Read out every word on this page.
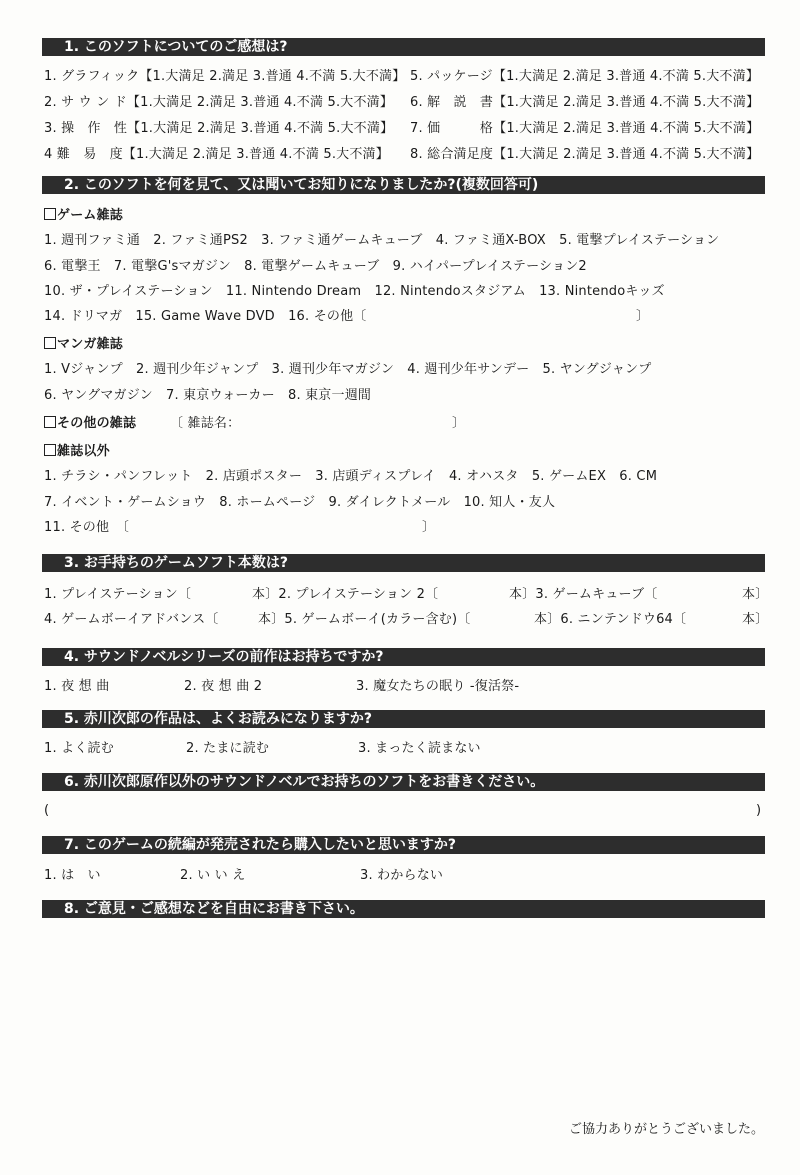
1. このソフトについてのご感想は?
1. グラフィック【1.大満足 2.満足 3.普通 4.不満 5.大不満】 5. パッケージ【1.大満足 2.満足 3.普通 4.不満 5.大不満】
2. サ ウ ン ド【1.大満足 2.満足 3.普通 4.不満 5.大不満】 6. 解　説　書【1.大満足 2.満足 3.普通 4.不満 5.大不満】
3. 操　作　性【1.大満足 2.満足 3.普通 4.不満 5.大不満】 7. 価　　　格【1.大満足 2.満足 3.普通 4.不満 5.大不満】
4 難　易　度【1.大満足 2.満足 3.普通 4.不満 5.大不満】 8. 総合満足度【1.大満足 2.満足 3.普通 4.不満 5.大不満】
2. このソフトを何を見て、又は聞いてお知りになりましたか?(複数回答可)
ゲーム雑誌
1. 週刊ファミ通　2. ファミ通PS2　3. ファミ通ゲームキューブ　4. ファミ通X-BOX　5. 電撃プレイステーション
6. 電撃王　7. 電撃G'sマガジン　8. 電撃ゲームキューブ　9. ハイパープレイステーション2
10. ザ・プレイステーション　11. Nintendo Dream　12. Nintendoスタジアム　13. Nintendoキッズ
14. ドリマガ　15. Game Wave DVD　16. その他〔	〕
マンガ雑誌
1. Vジャンプ　2. 週刊少年ジャンプ　3. 週刊少年マガジン　4. 週刊少年サンデー　5. ヤングジャンプ
6. ヤングマガジン　7. 東京ウォーカー　8. 東京一週間
その他の雑誌	〔 雑誌名：	〕
雑誌以外
1. チラシ・パンフレット　2. 店頭ポスター　3. 店頭ディスプレイ　4. オハスタ　5. ゲームEX　6. CM
7. イベント・ゲームショウ　8. ホームページ　9. ダイレクトメール　10. 知人・友人
11. その他　〔	〕
3. お手持ちのゲームソフト本数は?
1. プレイステーション〔	本〕2. プレイステーション 2〔	本〕3. ゲームキューブ〔	本〕
4. ゲームボーイアドバンス〔	本〕5. ゲームボーイ(カラー含む)〔	本〕6. ニンテンドウ64〔	本〕
4. サウンドノベルシリーズの前作はお持ちですか?
1. 夜 想 曲	2. 夜 想 曲 2	3. 魔女たちの眠り -復活祭-
5. 赤川次郎の作品は、よくお読みになりますか?
1. よく読む	2. たまに読む	3. まったく読まない
6. 赤川次郎原作以外のサウンドノベルでお持ちのソフトをお書きください。
(	)
7. このゲームの続編が発売されたら購入したいと思いますか?
1. は　い	2. い い え	3. わからない
8. ご意見・ご感想などを自由にお書き下さい。
ご協力ありがとうございました。
